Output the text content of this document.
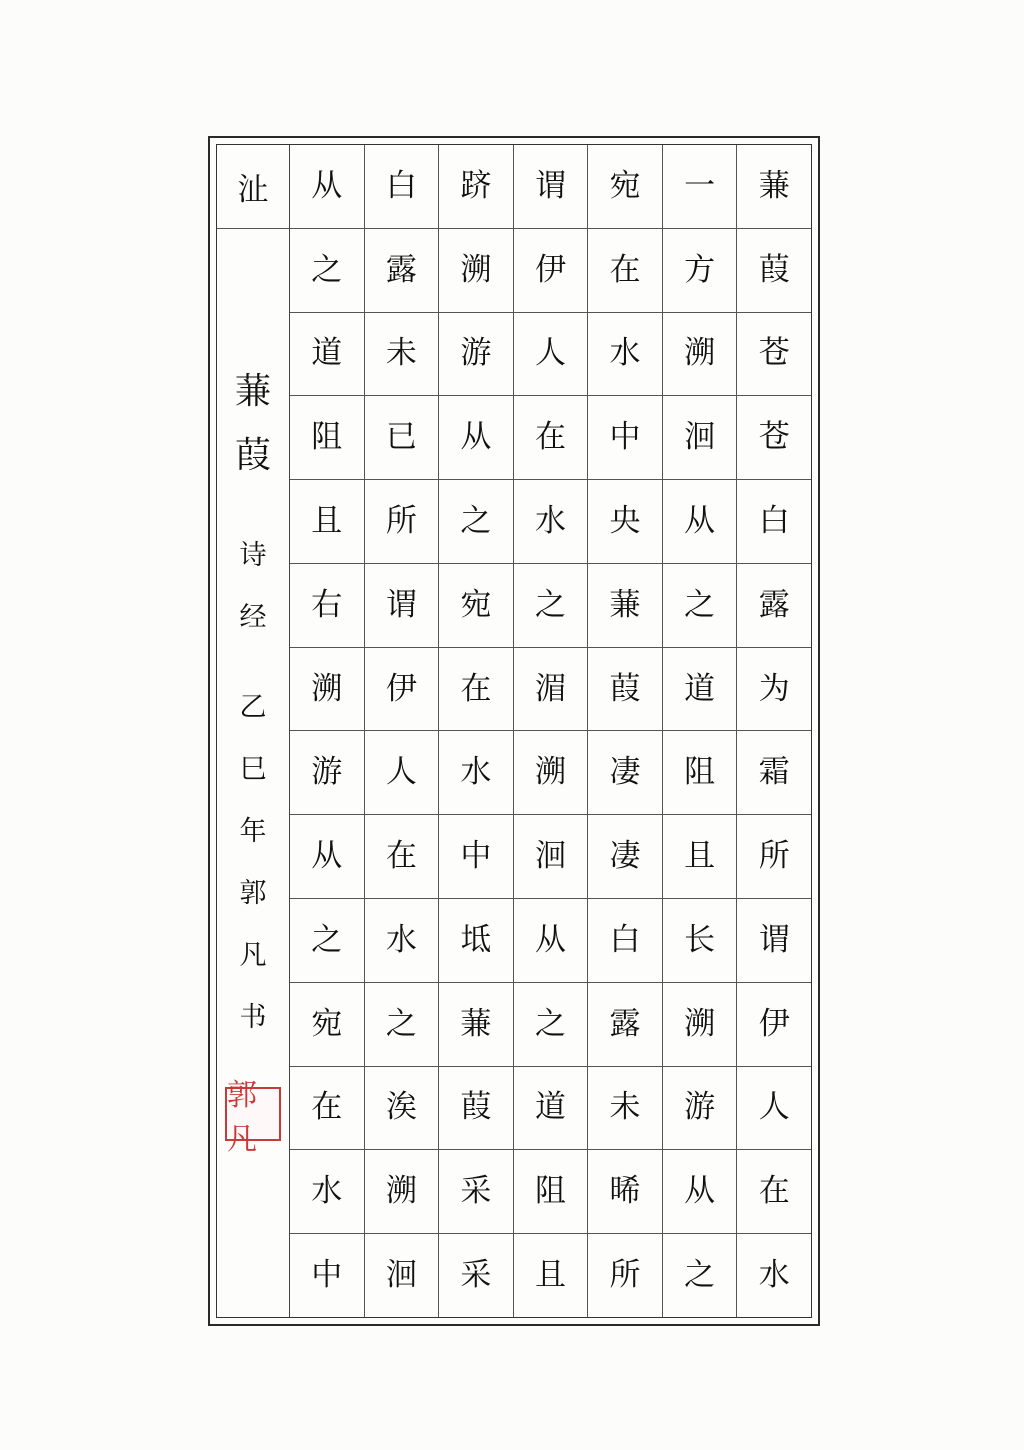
蒹
葭
苍
苍
白
露
为
霜
所
谓
伊
人
在
水
一
方
溯
洄
从
之
道
阻
且
长
溯
游
从
之
宛
在
水
中
央
蒹
葭
凄
凄
白
露
未
晞
所
谓
伊
人
在
水
之
湄
溯
洄
从
之
道
阻
且
跻
溯
游
从
之
宛
在
水
中
坻
蒹
葭
采
采
白
露
未
已
所
谓
伊
人
在
水
之
涘
溯
洄
从
之
道
阻
且
右
溯
游
从
之
宛
在
水
中
沚
蒹
葭
诗
经
乙
巳
年
郭
凡
书
郭凡
